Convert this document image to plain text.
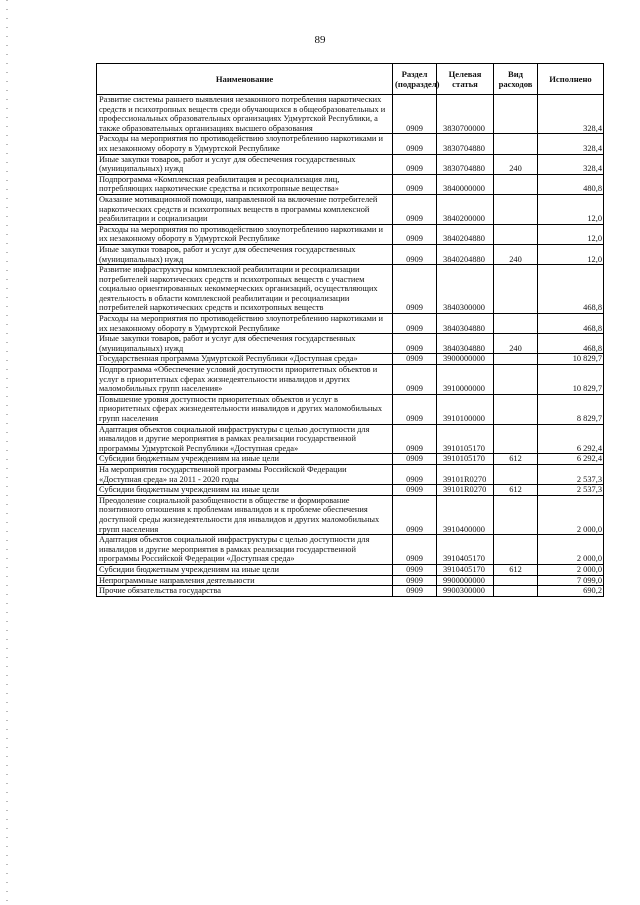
89
Наименование	Раздел (подраздел)	Целевая статья	Вид расходов	Исполнено
Развитие системы раннего выявления незаконного потребления наркотических средств и психотропных веществ среди обучающихся в общеобразовательных и профессиональных образовательных организациях Удмуртской Республики, а также образовательных организациях высшего образования	0909	3830700000		328,4
Расходы на мероприятия по противодействию злоупотреблению наркотиками и их незаконному обороту в Удмуртской Республике	0909	3830704880		328,4
Иные закупки товаров, работ и услуг для обеспечения государственных (муниципальных) нужд	0909	3830704880	240	328,4
Подпрограмма «Комплексная реабилитация и ресоциализация лиц, потребляющих наркотические средства и психотропные вещества»	0909	3840000000		480,8
Оказание мотивационной помощи, направленной на включение потребителей наркотических средств и психотропных веществ в программы комплексной реабилитации и социализации	0909	3840200000		12,0
Расходы на мероприятия по противодействию злоупотреблению наркотиками и их незаконному обороту в Удмуртской Республике	0909	3840204880		12,0
Иные закупки товаров, работ и услуг для обеспечения государственных (муниципальных) нужд	0909	3840204880	240	12,0
Развитие инфраструктуры комплексной реабилитации и ресоциализации потребителей наркотических средств и психотропных веществ с участием социально ориентированных некоммерческих организаций, осуществляющих деятельность в области комплексной реабилитации и ресоциализации потребителей наркотических средств и психотропных веществ	0909	3840300000		468,8
Расходы на мероприятия по противодействию злоупотреблению наркотиками и их незаконному обороту в Удмуртской Республике	0909	3840304880		468,8
Иные закупки товаров, работ и услуг для обеспечения государственных (муниципальных) нужд	0909	3840304880	240	468,8
Государственная программа Удмуртской Республики «Доступная среда»	0909	3900000000		10 829,7
Подпрограмма «Обеспечение условий доступности приоритетных объектов и услуг в приоритетных сферах жизнедеятельности инвалидов и других маломобильных групп населения»	0909	3910000000		10 829,7
Повышение уровня доступности приоритетных объектов и услуг в приоритетных сферах жизнедеятельности инвалидов и других маломобильных групп населения	0909	3910100000		8 829,7
Адаптация объектов социальной инфраструктуры с целью доступности для инвалидов и другие мероприятия в рамках реализации государственной программы Удмуртской Республики «Доступная среда»	0909	3910105170		6 292,4
Субсидии бюджетным учреждениям на иные цели	0909	3910105170	612	6 292,4
На мероприятия государственной программы Российской Федерации «Доступная среда» на 2011 - 2020 годы	0909	39101R0270		2 537,3
Субсидии бюджетным учреждениям на иные цели	0909	39101R0270	612	2 537,3
Преодоление социальной разобщенности в обществе и формирование позитивного отношения к проблемам инвалидов и к проблеме обеспечения доступной среды жизнедеятельности для инвалидов и других маломобильных групп населения	0909	3910400000		2 000,0
Адаптация объектов социальной инфраструктуры с целью доступности для инвалидов и другие мероприятия в рамках реализации государственной программы Российской Федерации «Доступная среда»	0909	3910405170		2 000,0
Субсидии бюджетным учреждениям на иные цели	0909	3910405170	612	2 000,0
Непрограммные направления деятельности	0909	9900000000		7 099,0
Прочие обязательства государства	0909	9900300000		690,2
